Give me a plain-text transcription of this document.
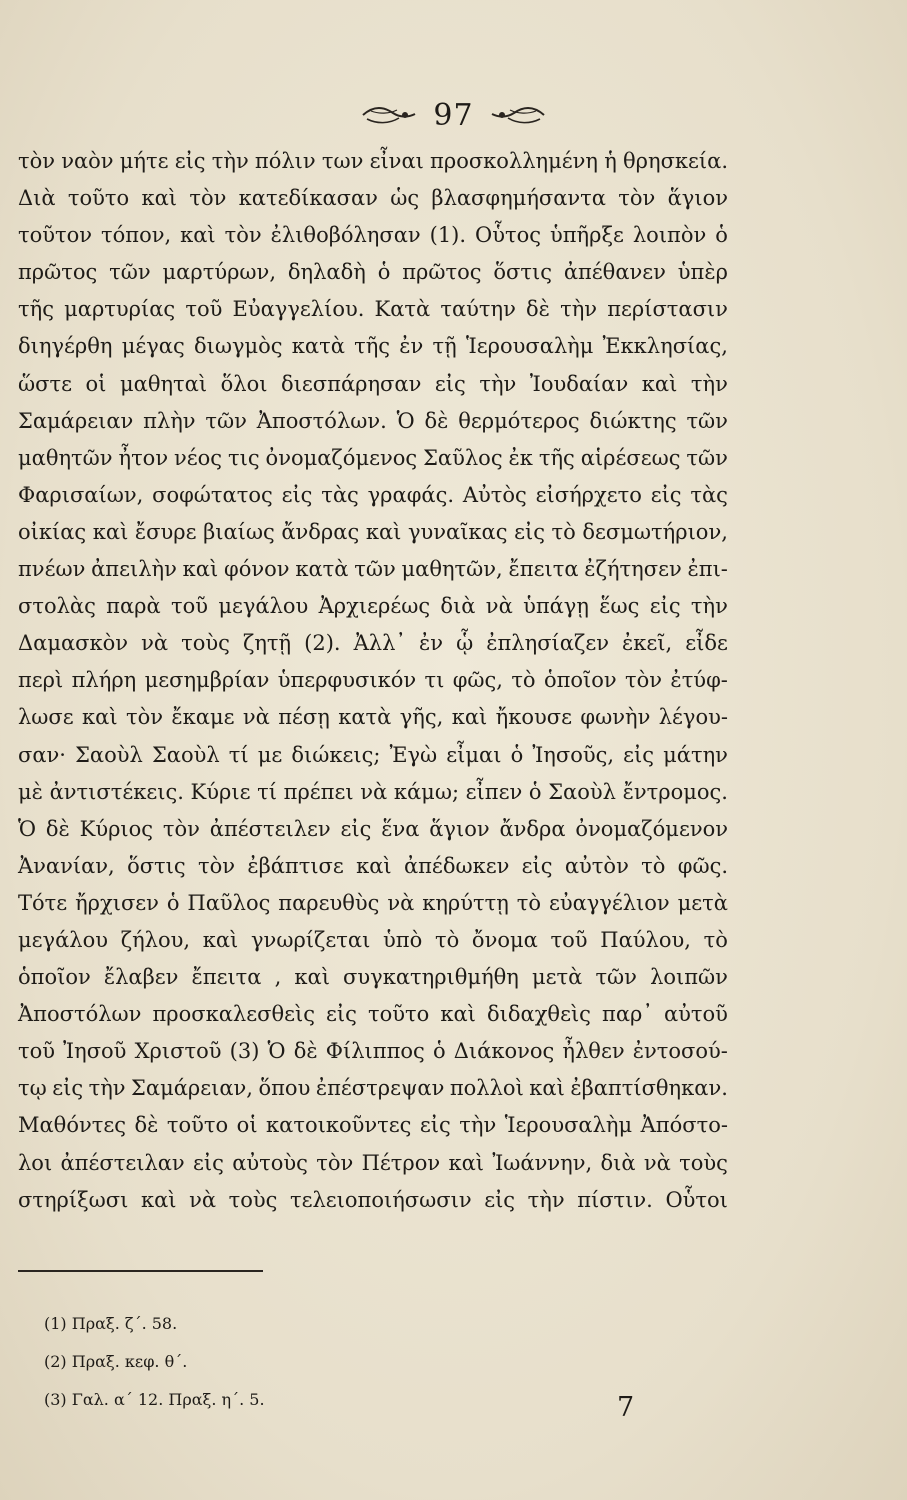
97
τὸν ναὸν μήτε εἰς τὴν πόλιν των εἶναι προσκολλημένη ἡ θρησκεία.
Διὰ τοῦτο καὶ τὸν κατεδίκασαν ὡς βλασφημήσαντα τὸν ἅγιον
τοῦτον τόπον, καὶ τὸν ἐλιθοβόλησαν (1). Οὗτος ὑπῆρξε λοιπὸν ὁ
πρῶτος τῶν μαρτύρων, δηλαδὴ ὁ πρῶτος ὅστις ἀπέθανεν ὑπὲρ
τῆς μαρτυρίας τοῦ Εὐαγγελίου. Κατὰ ταύτην δὲ τὴν περίστασιν
διηγέρθη μέγας διωγμὸς κατὰ τῆς ἐν τῇ Ἱερουσαλὴμ Ἐκκλησίας,
ὥστε οἱ μαθηταὶ ὅλοι διεσπάρησαν εἰς τὴν Ἰουδαίαν καὶ τὴν
Σαμάρειαν πλὴν τῶν Ἀποστόλων. Ὁ δὲ θερμότερος διώκτης τῶν
μαθητῶν ἦτον νέος τις ὀνομαζόμενος Σαῦλος ἐκ τῆς αἱρέσεως τῶν
Φαρισαίων, σοφώτατος εἰς τὰς γραφάς. Αὐτὸς εἰσήρχετο εἰς τὰς
οἰκίας καὶ ἔσυρε βιαίως ἄνδρας καὶ γυναῖκας εἰς τὸ δεσμωτήριον,
πνέων ἀπειλὴν καὶ φόνον κατὰ τῶν μαθητῶν, ἔπειτα ἐζήτησεν ἐπι-
στολὰς παρὰ τοῦ μεγάλου Ἀρχιερέως διὰ νὰ ὑπάγῃ ἕως εἰς τὴν
Δαμασκὸν νὰ τοὺς ζητῇ (2). Ἀλλ᾽ ἐν ᾧ ἐπλησίαζεν ἐκεῖ, εἶδε
περὶ πλήρη μεσημβρίαν ὑπερφυσικόν τι φῶς, τὸ ὁποῖον τὸν ἐτύφ-
λωσε καὶ τὸν ἔκαμε νὰ πέσῃ κατὰ γῆς, καὶ ἤκουσε φωνὴν λέγου-
σαν· Σαοὺλ Σαοὺλ τί με διώκεις; Ἐγὼ εἶμαι ὁ Ἰησοῦς, εἰς μάτην
μὲ ἀντιστέκεις. Κύριε τί πρέπει νὰ κάμω; εἶπεν ὁ Σαοὺλ ἔντρομος.
Ὁ δὲ Κύριος τὸν ἀπέστειλεν εἰς ἕνα ἅγιον ἄνδρα ὀνομαζόμενον
Ἀνανίαν, ὅστις τὸν ἐβάπτισε καὶ ἀπέδωκεν εἰς αὐτὸν τὸ φῶς.
Τότε ἤρχισεν ὁ Παῦλος παρευθὺς νὰ κηρύττῃ τὸ εὐαγγέλιον μετὰ
μεγάλου ζήλου, καὶ γνωρίζεται ὑπὸ τὸ ὄνομα τοῦ Παύλου, τὸ
ὁποῖον ἔλαβεν ἔπειτα , καὶ συγκατηριθμήθη μετὰ τῶν λοιπῶν
Ἀποστόλων προσκαλεσθεὶς εἰς τοῦτο καὶ διδαχθεὶς παρ᾽ αὐτοῦ
τοῦ Ἰησοῦ Χριστοῦ (3) Ὁ δὲ Φίλιππος ὁ Διάκονος ἦλθεν ἐντοσού-
τῳ εἰς τὴν Σαμάρειαν, ὅπου ἐπέστρεψαν πολλοὶ καὶ ἐβαπτίσθηκαν.
Μαθόντες δὲ τοῦτο οἱ κατοικοῦντες εἰς τὴν Ἱερουσαλὴμ Ἀπόστο-
λοι ἀπέστειλαν εἰς αὐτοὺς τὸν Πέτρον καὶ Ἰωάννην, διὰ νὰ τοὺς
στηρίξωσι καὶ νὰ τοὺς τελειοποιήσωσιν εἰς τὴν πίστιν. Οὗτοι
(1) Πραξ. ζ΄. 58.
(2) Πραξ. κεφ. θ΄.
(3) Γαλ. α΄ 12. Πραξ. η΄. 5.	7
